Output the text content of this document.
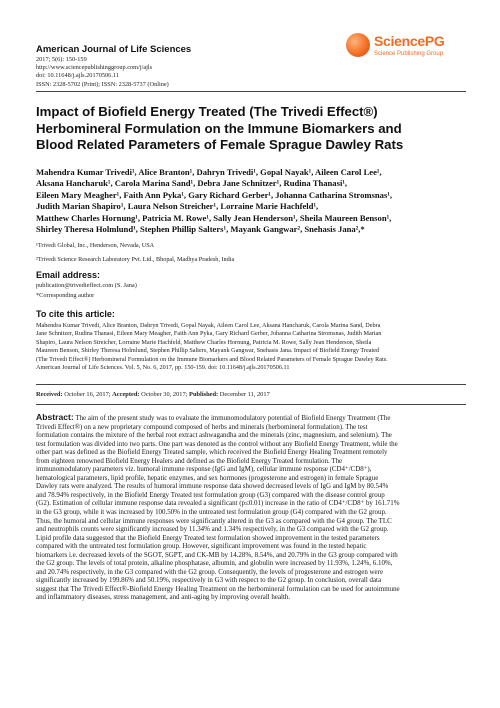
American Journal of Life Sciences
2017; 5(6): 150-159
http://www.sciencepublishinggroup.com/j/ajls
doi: 10.11648/j.ajls.20170506.11
ISSN: 2328-5702 (Print); ISSN: 2328-5737 (Online)
SciencePG
Science Publishing Group
Impact of Biofield Energy Treated (The Trivedi Effect®)
Herbomineral Formulation on the Immune Biomarkers and
Blood Related Parameters of Female Sprague Dawley Rats
Mahendra Kumar Trivedi¹, Alice Branton¹, Dahryn Trivedi¹, Gopal Nayak¹, Aileen Carol Lee¹,
Aksana Hancharuk¹, Carola Marina Sand¹, Debra Jane Schnitzer¹, Rudina Thanasi¹,
Eileen Mary Meagher¹, Faith Ann Pyka¹, Gary Richard Gerber¹, Johanna Catharina Stromsnas¹,
Judith Marian Shapiro¹, Laura Nelson Streicher¹, Lorraine Marie Hachfeld¹,
Matthew Charles Hornung¹, Patricia M. Rowe¹, Sally Jean Henderson¹, Sheila Maureen Benson¹,
Shirley Theresa Holmlund¹, Stephen Phillip Salters¹, Mayank Gangwar², Snehasis Jana²,*
¹Trivedi Global, Inc., Henderson, Nevada, USA
²Trivedi Science Research Laboratory Pvt. Ltd., Bhopal, Madhya Pradesh, India
Email address:
publication@trivedieffect.com (S. Jana)
*Corresponding author
To cite this article:
Mahendra Kumar Trivedi, Alice Branton, Dahryn Trivedi, Gopal Nayak, Aileen Carol Lee, Aksana Hancharuk, Carola Marina Sand, Debra
Jane Schnitzer, Rudina Thanasi, Eileen Mary Meagher, Faith Ann Pyka, Gary Richard Gerber, Johanna Catharina Stromsnas, Judith Marian
Shapiro, Laura Nelson Streicher, Lorraine Marie Hachfeld, Matthew Charles Hornung, Patricia M. Rowe, Sally Jean Henderson, Sheila
Maureen Benson, Shirley Theresa Holmlund, Stephen Phillip Salters, Mayank Gangwar, Snehasis Jana. Impact of Biofield Energy Treated
(The Trivedi Effect®) Herbomineral Formulation on the Immune Biomarkers and Blood Related Parameters of Female Sprague Dawley Rats.
American Journal of Life Sciences. Vol. 5, No. 6, 2017, pp. 150-159. doi: 10.11648/j.ajls.20170506.11
Received: October 16, 2017; Accepted: October 30, 2017; Published: December 11, 2017
Abstract: The aim of the present study was to evaluate the immunomodulatory potential of Biofield Energy Treatment (The
Trivedi Effect®) on a new proprietary compound composed of herbs and minerals (herbomineral formulation). The test
formulation contains the mixture of the herbal root extract ashwagandha and the minerals (zinc, magnesium, and selenium). The
test formulation was divided into two parts. One part was denoted as the control without any Biofield Energy Treatment, while the
other part was defined as the Biofield Energy Treated sample, which received the Biofield Energy Healing Treatment remotely
from eighteen renowned Biofield Energy Healers and defined as the Biofield Energy Treated formulation. The
immunomodulatory parameters viz. humoral immune response (IgG and IgM), cellular immune response (CD4⁺/CD8⁺),
hematological parameters, lipid profile, hepatic enzymes, and sex hormones (progesterone and estrogen) in female Sprague
Dawley rats were analyzed. The results of humoral immune response data showed decreased levels of IgG and IgM by 80.54%
and 78.94% respectively, in the Biofield Energy Treated test formulation group (G3) compared with the disease control group
(G2). Estimation of cellular immune response data revealed a significant (p≤0.01) increase in the ratio of CD4⁺/CD8⁺ by 161.71%
in the G3 group, while it was increased by 100.50% in the untreated test formulation group (G4) compared with the G2 group.
Thus, the humoral and cellular immune responses were significantly altered in the G3 as compared with the G4 group. The TLC
and neutrophils counts were significantly increased by 11.34% and 1.34% respectively, in the G3 compared with the G2 group.
Lipid profile data suggested that the Biofield Energy Treated test formulation showed improvement in the tested parameters
compared with the untreated test formulation group. However, significant improvement was found in the tested hepatic
biomarkers i.e. decreased levels of the SGOT, SGPT, and CK-MB by 14.28%, 8.54%, and 20.79% in the G3 group compared with
the G2 group. The levels of total protein, alkaline phosphatase, albumin, and globulin were increased by 11.93%, 1.24%, 6.10%,
and 20.74% respectively, in the G3 compared with the G2 group. Consequently, the levels of progesterone and estrogen were
significantly increased by 199.86% and 50.19%, respectively in G3 with respect to the G2 group. In conclusion, overall data
suggest that The Trivedi Effect®-Biofield Energy Healing Treatment on the herbomineral formulation can be used for autoimmune
and inflammatory diseases, stress management, and anti-aging by improving overall health.
